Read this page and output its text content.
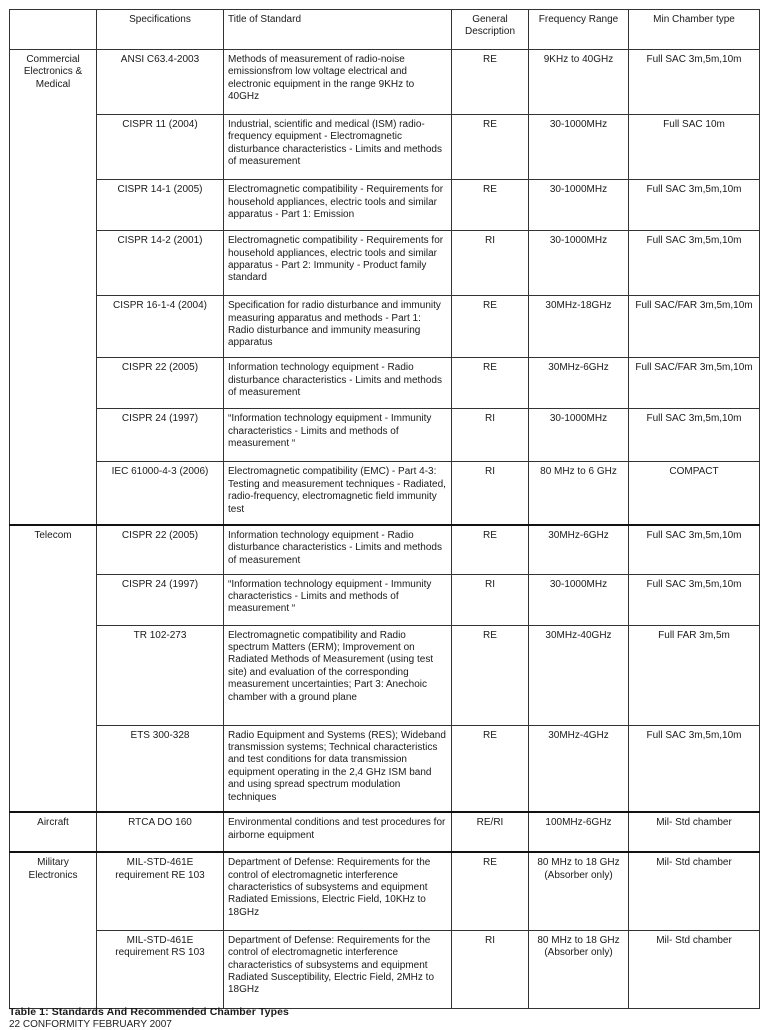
	Specifications	Title of Standard	General Description	Frequency Range	Min Chamber type
Commercial Electronics & Medical	ANSI C63.4-2003	Methods of measurement of radio-noise emissionsfrom low voltage electrical and electronic equipment in the range 9KHz to 40GHz	RE	9KHz to 40GHz	Full SAC 3m,5m,10m
	CISPR 11 (2004)	Industrial, scientific and medical (ISM) radio-frequency equipment - Electromagnetic disturbance characteristics - Limits and methods of measurement	RE	30-1000MHz	Full SAC 10m
	CISPR 14-1 (2005)	Electromagnetic compatibility - Requirements for household appliances, electric tools and similar apparatus - Part 1: Emission	RE	30-1000MHz	Full SAC 3m,5m,10m
	CISPR 14-2 (2001)	Electromagnetic compatibility - Requirements for household appliances, electric tools and similar apparatus - Part 2: Immunity - Product family standard	RI	30-1000MHz	Full SAC 3m,5m,10m
	CISPR 16-1-4 (2004)	Specification for radio disturbance and immunity measuring apparatus and methods - Part 1: Radio disturbance and immunity measuring apparatus	RE	30MHz-18GHz	Full SAC/FAR 3m,5m,10m
	CISPR 22 (2005)	Information technology equipment - Radio disturbance characteristics - Limits and methods of measurement	RE	30MHz-6GHz	Full SAC/FAR 3m,5m,10m
	CISPR 24 (1997)	“Information technology equipment - Immunity characteristics - Limits and methods of measurement “	RI	30-1000MHz	Full SAC 3m,5m,10m
	IEC 61000-4-3 (2006)	Electromagnetic compatibility (EMC) - Part 4-3: Testing and measurement techniques - Radiated, radio-frequency, electromagnetic field immunity test	RI	80 MHz to 6 GHz	COMPACT
Telecom	CISPR 22 (2005)	Information technology equipment - Radio disturbance characteristics - Limits and methods of measurement	RE	30MHz-6GHz	Full SAC 3m,5m,10m
	CISPR 24 (1997)	“Information technology equipment - Immunity characteristics - Limits and methods of measurement “	RI	30-1000MHz	Full SAC 3m,5m,10m
	TR 102-273	Electromagnetic compatibility and Radio spectrum Matters (ERM); Improvement on Radiated Methods of Measurement (using test site) and evaluation of the corresponding measurement uncertainties; Part 3: Anechoic chamber with a ground plane	RE	30MHz-40GHz	Full FAR 3m,5m
	ETS 300-328	Radio Equipment and Systems (RES); Wideband transmission systems; Technical characteristics and test conditions for data transmission equipment operating in the 2,4 GHz ISM band and using spread spectrum modulation techniques	RE	30MHz-4GHz	Full SAC 3m,5m,10m
Aircraft	RTCA DO 160	Environmental conditions and test procedures for airborne equipment	RE/RI	100MHz-6GHz	Mil- Std chamber
Military Electronics	MIL-STD-461E requirement RE 103	Department of Defense: Requirements for the control of electromagnetic interference characteristics of subsystems and equipment Radiated Emissions, Electric Field, 10KHz to 18GHz	RE	80 MHz to 18 GHz (Absorber only)	Mil- Std chamber
	MIL-STD-461E requirement RS 103	Department of Defense: Requirements for the control of electromagnetic interference characteristics of subsystems and equipment Radiated Susceptibility, Electric Field, 2MHz to 18GHz	RI	80 MHz to 18 GHz (Absorber only)	Mil- Std chamber
Table 1: Standards And Recommended Chamber Types
22 CONFORMITY FEBRUARY 2007
